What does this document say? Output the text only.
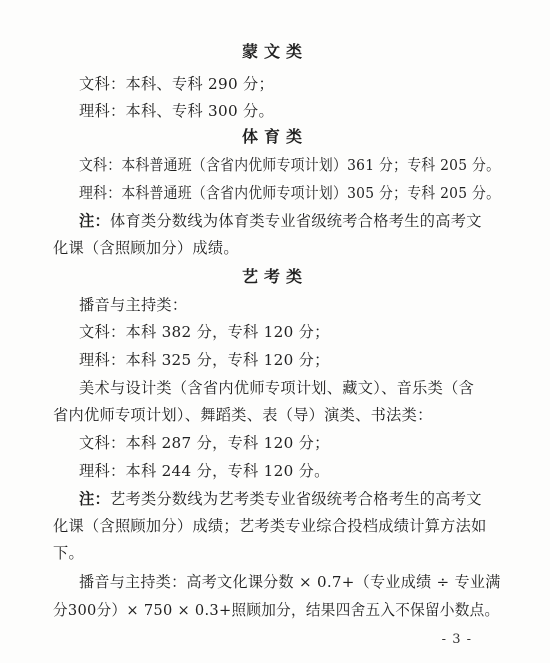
蒙文类
文科：本科、专科 290 分；
理科：本科、专科 300 分。
体育类
文科：本科普通班（含省内优师专项计划）361 分；专科 205 分。
理科：本科普通班（含省内优师专项计划）305 分；专科 205 分。
注：体育类分数线为体育类专业省级统考合格考生的高考文
化课（含照顾加分）成绩。
艺考类
播音与主持类：
文科：本科 382 分，专科 120 分；
理科：本科 325 分，专科 120 分；
美术与设计类（含省内优师专项计划、藏文）、音乐类（含
省内优师专项计划）、舞蹈类、表（导）演类、书法类：
文科：本科 287 分，专科 120 分；
理科：本科 244 分，专科 120 分。
注：艺考类分数线为艺考类专业省级统考合格考生的高考文
化课（含照顾加分）成绩；艺考类专业综合投档成绩计算方法如
下。
播音与主持类：高考文化课分数 × 0.7+（专业成绩 ÷ 专业满
分300分）× 750 × 0.3+照顾加分，结果四舍五入不保留小数点。
- 3 -
